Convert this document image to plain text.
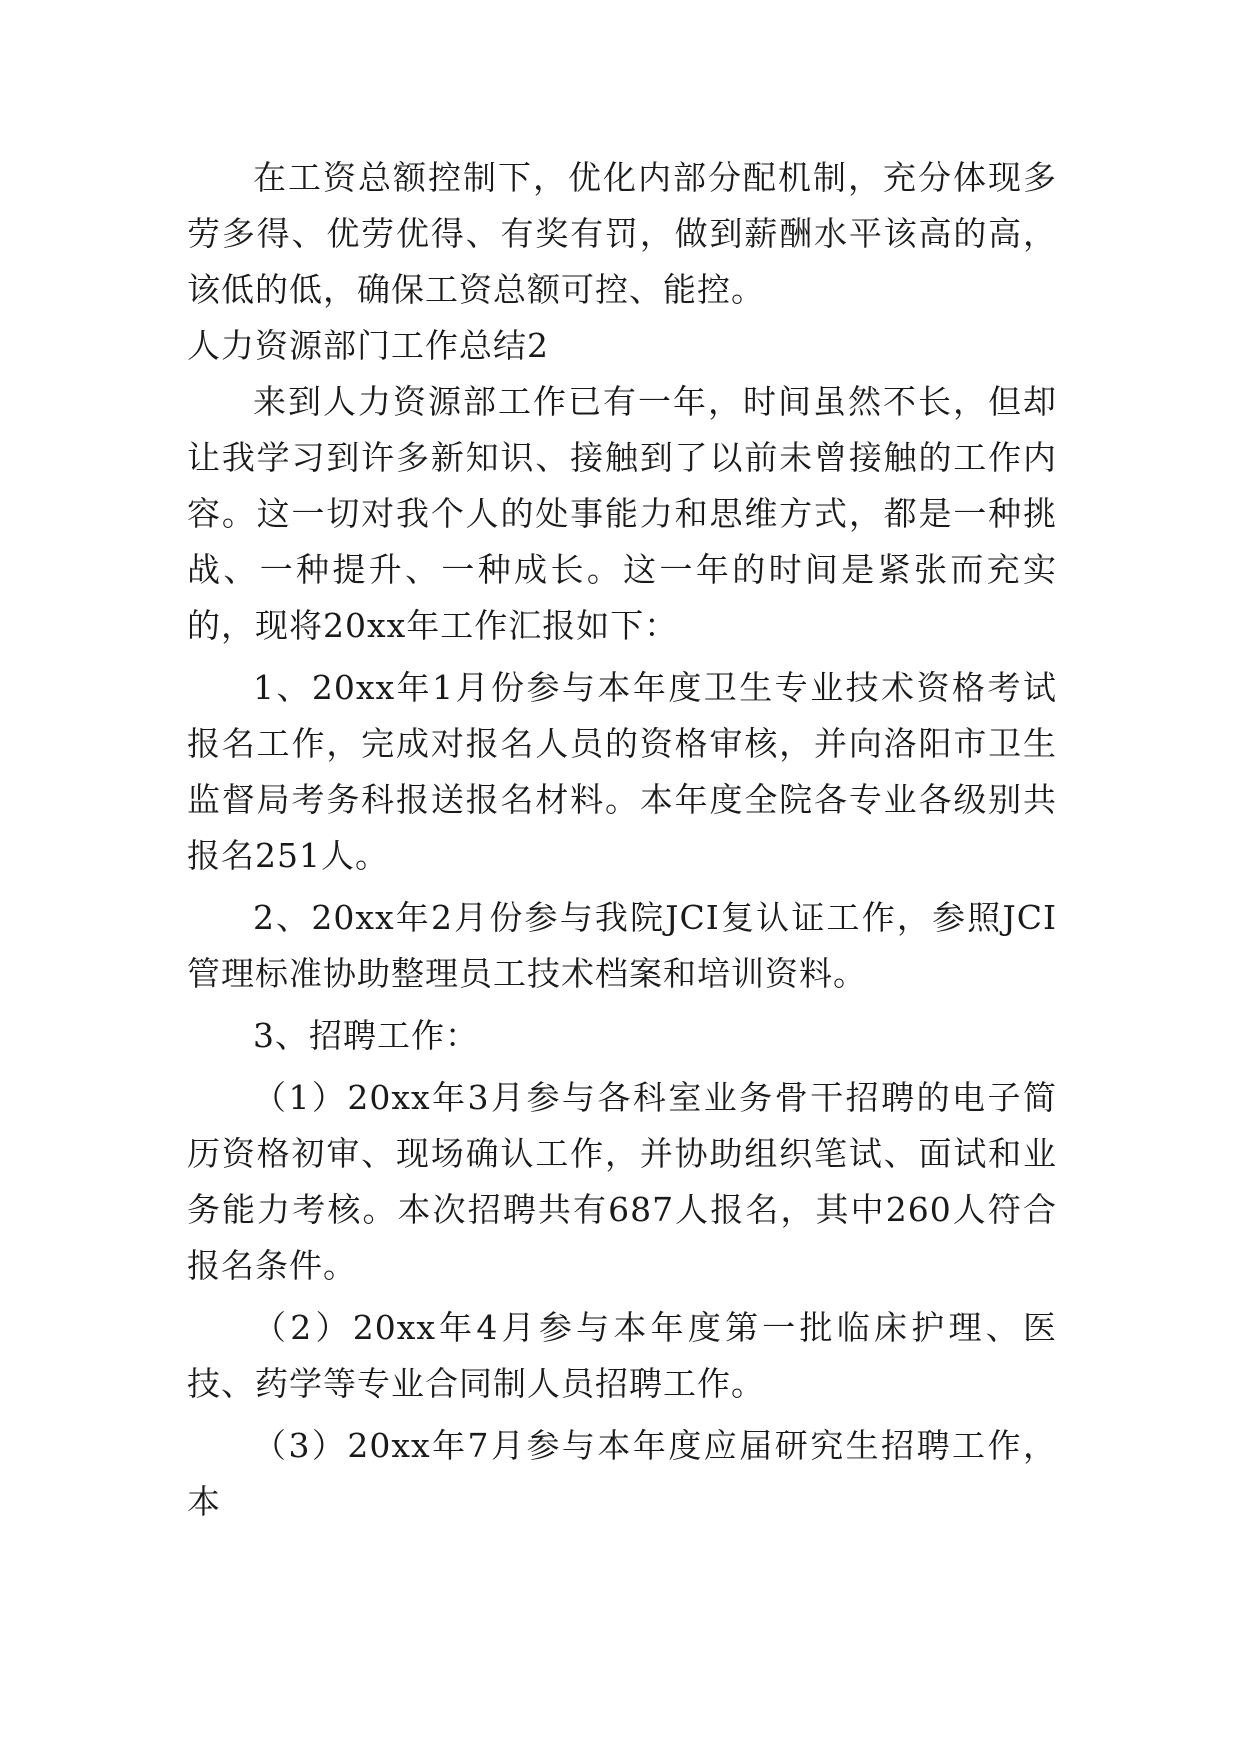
在工资总额控制下，优化内部分配机制，充分体现多劳多得、优劳优得、有奖有罚，做到薪酬水平该高的高，该低的低，确保工资总额可控、能控。

人力资源部门工作总结2

来到人力资源部工作已有一年，时间虽然不长，但却让我学习到许多新知识、接触到了以前未曾接触的工作内容。这一切对我个人的处事能力和思维方式，都是一种挑战、一种提升、一种成长。这一年的时间是紧张而充实的，现将20xx年工作汇报如下：

1、20xx年1月份参与本年度卫生专业技术资格考试报名工作，完成对报名人员的资格审核，并向洛阳市卫生监督局考务科报送报名材料。本年度全院各专业各级别共报名251人。

2、20xx年2月份参与我院JCI复认证工作，参照JCI管理标准协助整理员工技术档案和培训资料。

3、招聘工作：

（1）20xx年3月参与各科室业务骨干招聘的电子简历资格初审、现场确认工作，并协助组织笔试、面试和业务能力考核。本次招聘共有687人报名，其中260人符合报名条件。

（2）20xx年4月参与本年度第一批临床护理、医技、药学等专业合同制人员招聘工作。

（3）20xx年7月参与本年度应届研究生招聘工作，本
